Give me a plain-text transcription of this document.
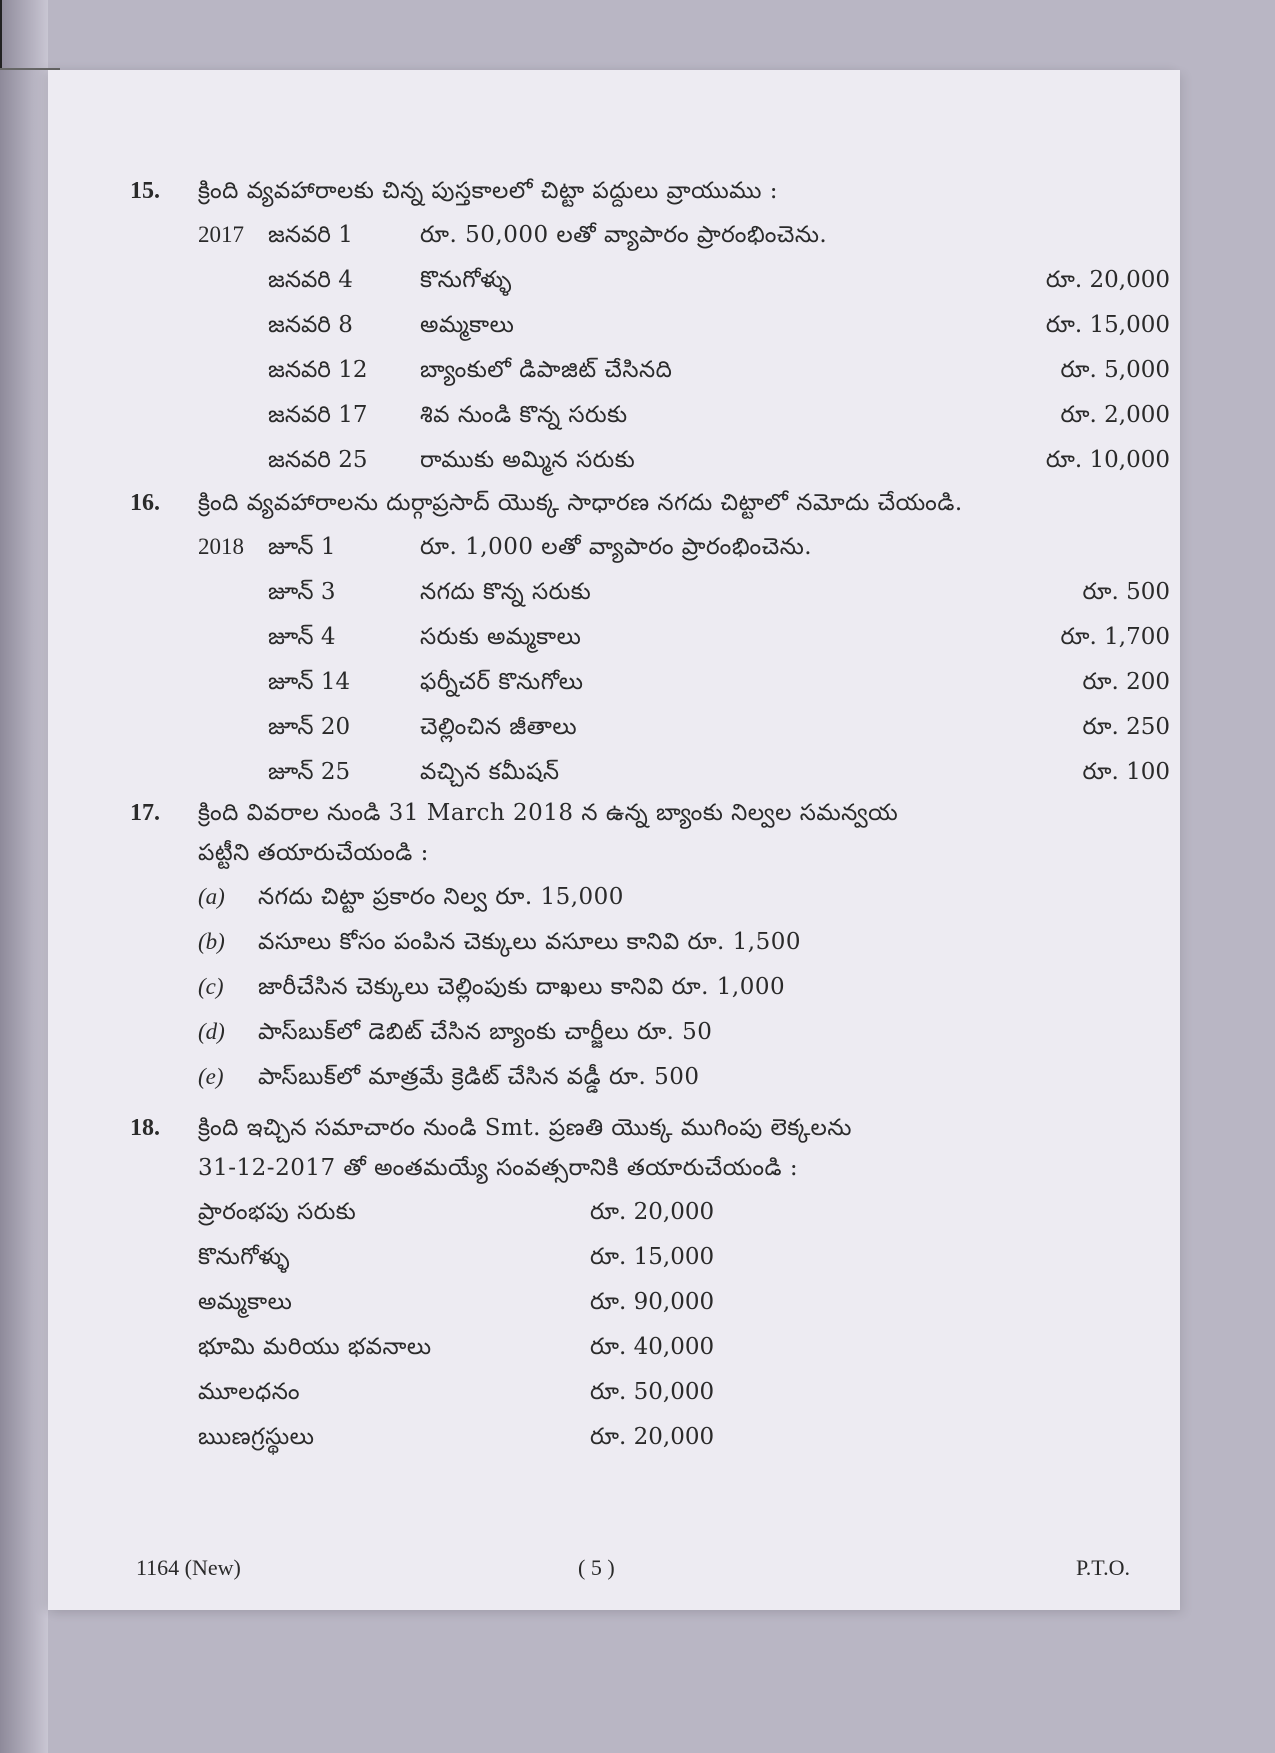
15. క్రింది వ్యవహారాలకు చిన్న పుస్తకాలలో చిట్టా పద్దులు వ్రాయుము :
2017 జనవరి 1	రూ. 50,000 లతో వ్యాపారం ప్రారంభించెను.
జనవరి 4	కొనుగోళ్ళు	రూ. 20,000
జనవరి 8	అమ్మకాలు	రూ. 15,000
జనవరి 12 బ్యాంకులో డిపాజిట్ చేసినది	రూ. 5,000
జనవరి 17 శివ నుండి కొన్న సరుకు	రూ. 2,000
జనవరి 25 రాముకు అమ్మిన సరుకు	రూ. 10,000
16. క్రింది వ్యవహారాలను దుర్గాప్రసాద్ యొక్క సాధారణ నగదు చిట్టాలో నమోదు చేయండి.
2018 జూన్ 1	రూ. 1,000 లతో వ్యాపారం ప్రారంభించెను.
జూన్ 3	నగదు కొన్న సరుకు	రూ. 500
జూన్ 4	సరుకు అమ్మకాలు	రూ. 1,700
జూన్ 14	ఫర్నీచర్ కొనుగోలు	రూ. 200
జూన్ 20	చెల్లించిన జీతాలు	రూ. 250
జూన్ 25	వచ్చిన కమీషన్	రూ. 100
17. క్రింది వివరాల నుండి 31 March 2018 న ఉన్న బ్యాంకు నిల్వల సమన్వయ
పట్టీని తయారుచేయండి :
(a) నగదు చిట్టా ప్రకారం నిల్వ రూ. 15,000
(b) వసూలు కోసం పంపిన చెక్కులు వసూలు కానివి రూ. 1,500
(c) జారీచేసిన చెక్కులు చెల్లింపుకు దాఖలు కానివి రూ. 1,000
(d) పాస్‌బుక్‌లో డెబిట్ చేసిన బ్యాంకు చార్జీలు రూ. 50
(e) పాస్‌బుక్‌లో మాత్రమే క్రెడిట్ చేసిన వడ్డీ రూ. 500
18. క్రింది ఇచ్చిన సమాచారం నుండి Smt. ప్రణతి యొక్క ముగింపు లెక్కలను
31-12-2017 తో అంతమయ్యే సంవత్సరానికి తయారుచేయండి :
ప్రారంభపు సరుకు	రూ. 20,000
కొనుగోళ్ళు	రూ. 15,000
అమ్మకాలు	రూ. 90,000
భూమి మరియు భవనాలు	రూ. 40,000
మూలధనం	రూ. 50,000
ఋణగ్రస్థులు	రూ. 20,000
1164 (New)	( 5 )	P.T.O.
